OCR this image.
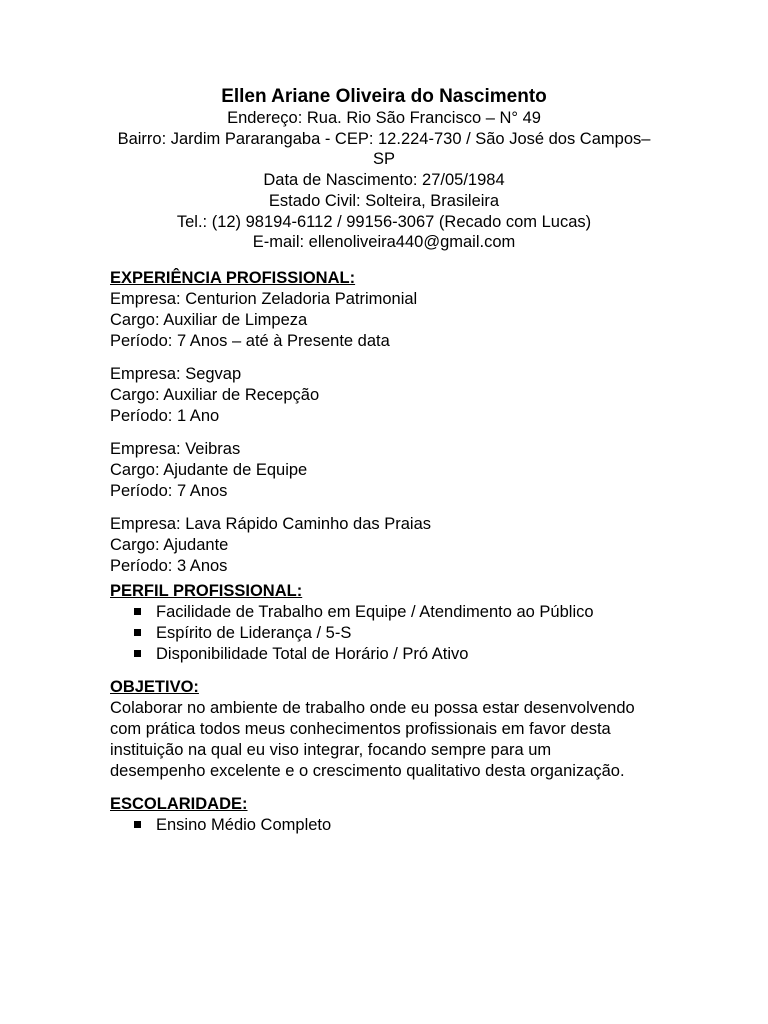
Ellen Ariane Oliveira do Nascimento
Endereço: Rua. Rio São Francisco – N° 49
Bairro: Jardim Pararangaba - CEP: 12.224-730 / São José dos Campos–SP
Data de Nascimento: 27/05/1984
Estado Civil: Solteira, Brasileira
Tel.: (12) 98194-6112 / 99156-3067 (Recado com Lucas)
E-mail: ellenoliveira440@gmail.com
EXPERIÊNCIA PROFISSIONAL:
Empresa: Centurion Zeladoria Patrimonial
Cargo: Auxiliar de Limpeza
Período: 7 Anos – até à Presente data
Empresa: Segvap
Cargo: Auxiliar de Recepção
Período: 1 Ano
Empresa: Veibras
Cargo: Ajudante de Equipe
Período: 7 Anos
Empresa: Lava Rápido Caminho das Praias
Cargo: Ajudante
Período: 3 Anos
PERFIL PROFISSIONAL:
Facilidade de Trabalho em Equipe / Atendimento ao Público
Espírito de Liderança / 5-S
Disponibilidade Total de Horário / Pró Ativo
OBJETIVO:
Colaborar no ambiente de trabalho onde eu possa estar desenvolvendo com prática todos meus conhecimentos profissionais em favor desta instituição na qual eu viso integrar, focando sempre para um desempenho excelente e o crescimento qualitativo desta organização.
ESCOLARIDADE:
Ensino Médio Completo
